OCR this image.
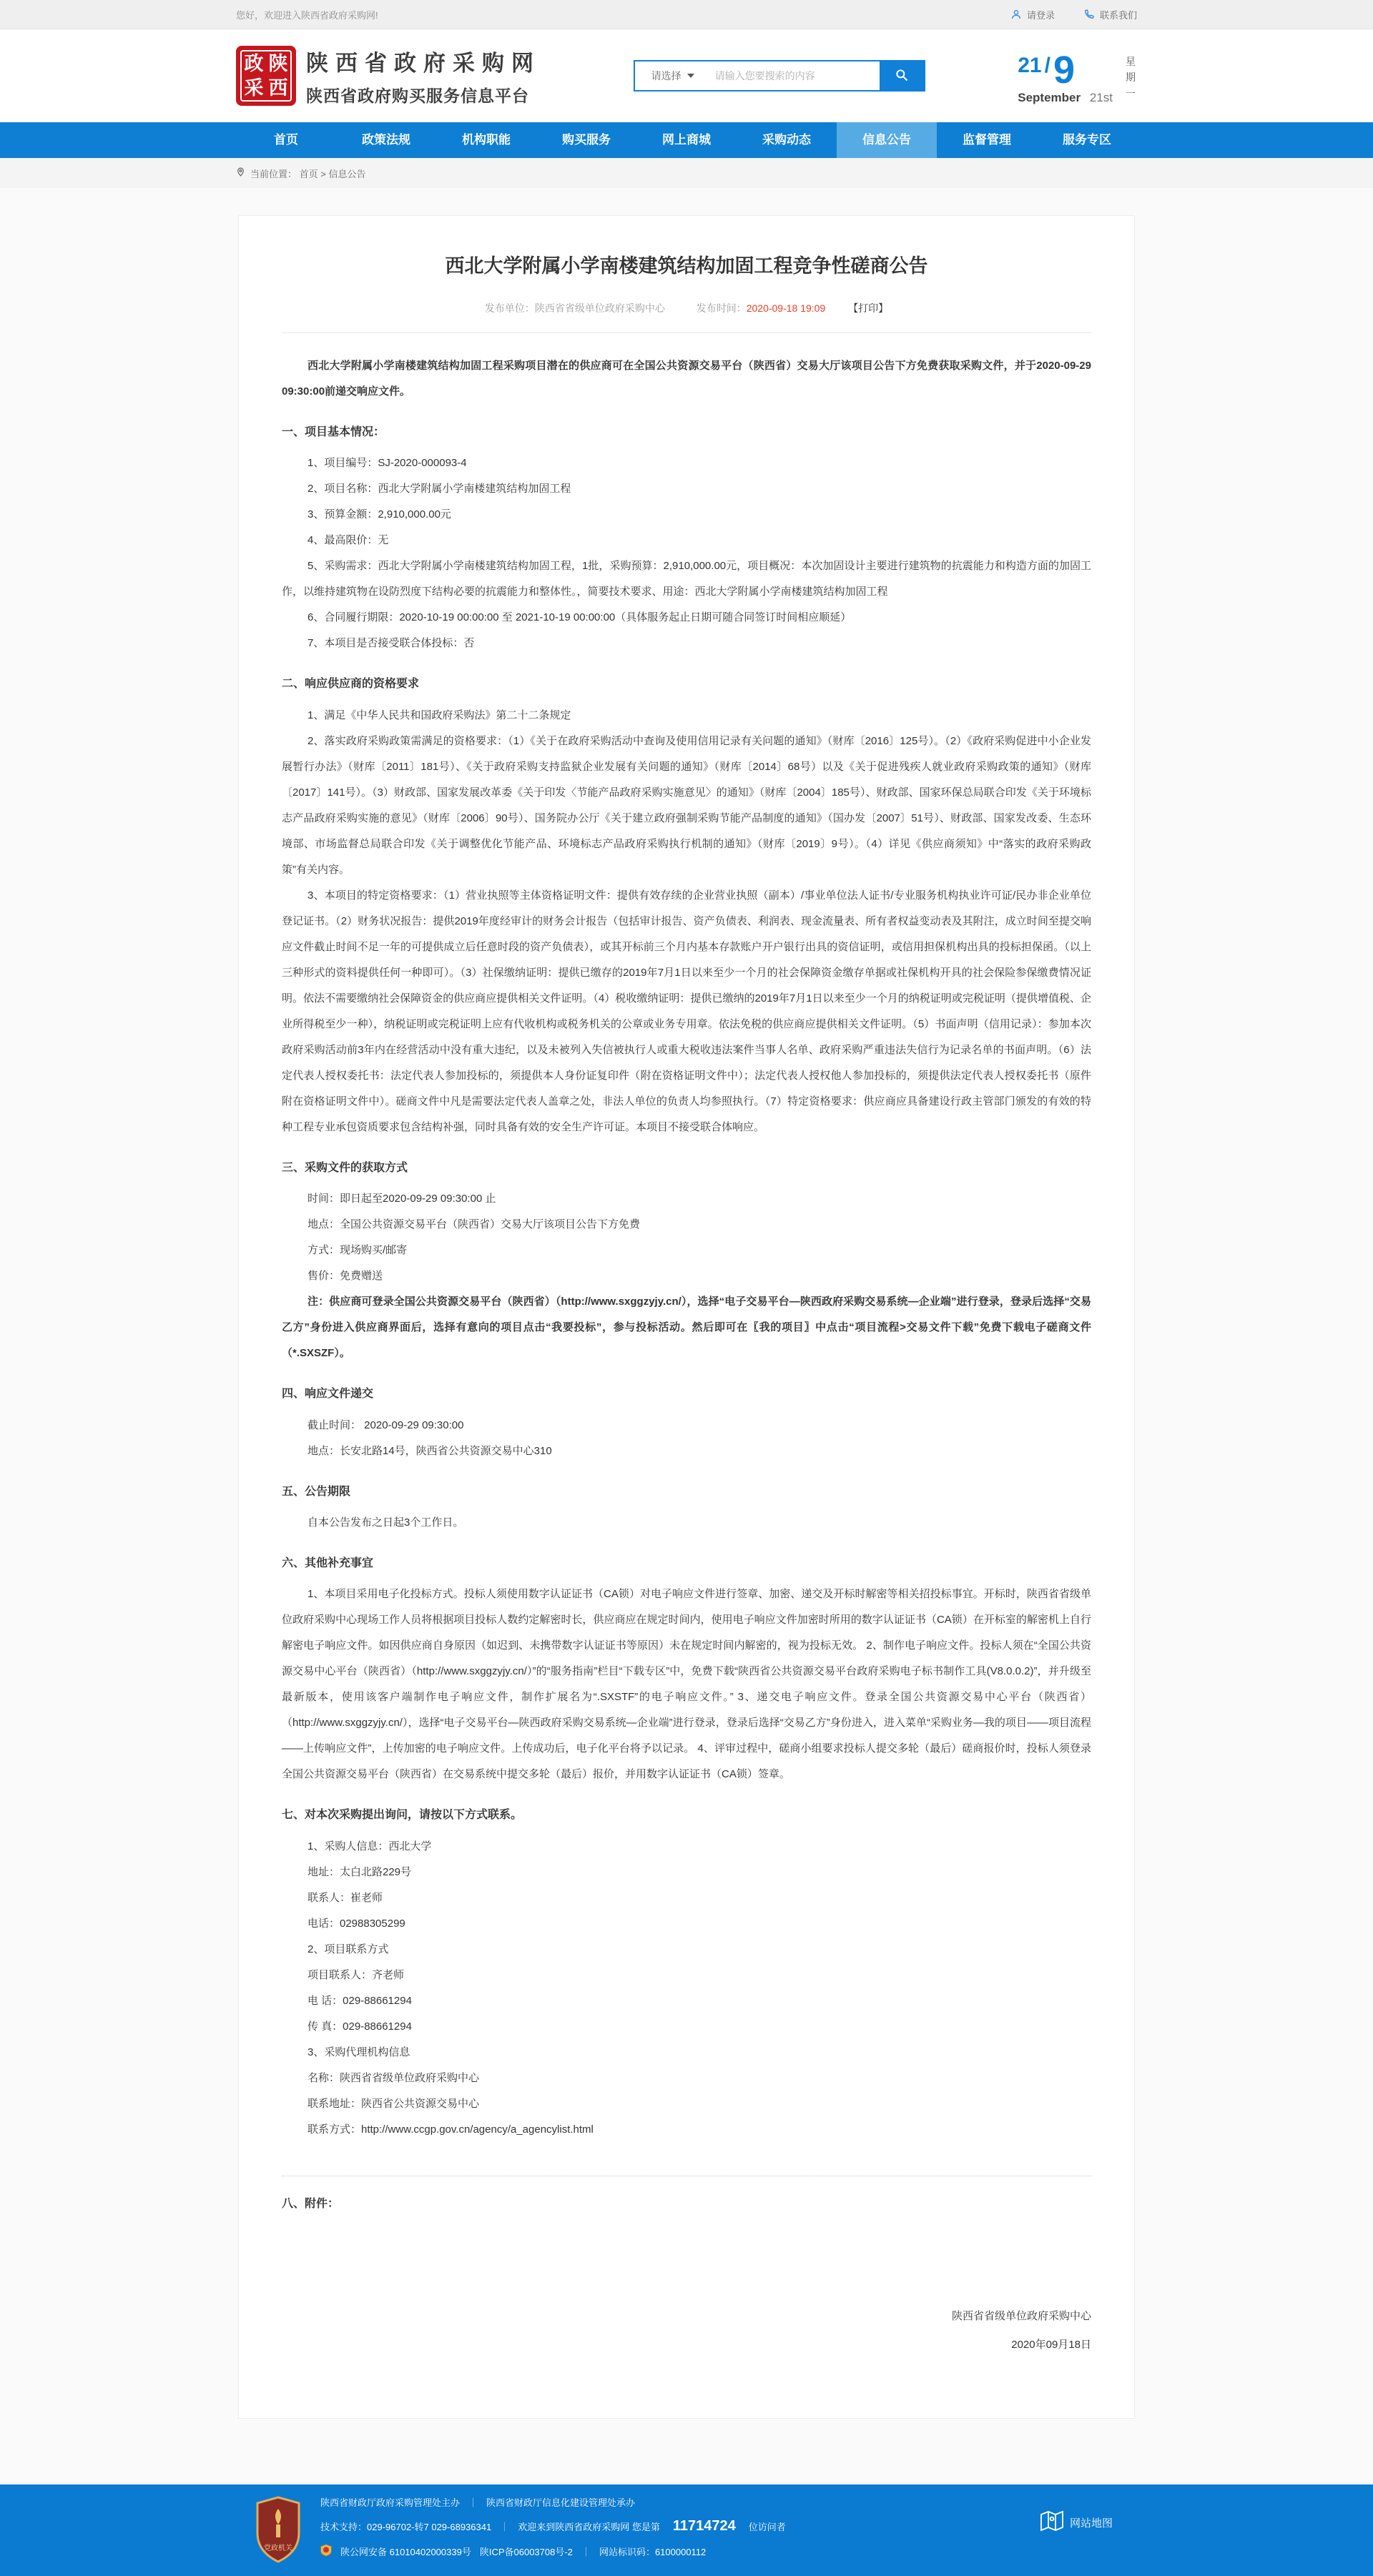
您好，欢迎进入陕西省政府采购网!	请登录	联系我们
政 陕
采 西
陕西省政府采购网
陕西省政府购买服务信息平台
请选择
请输入您要搜索的内容	21 / 9
September 21st
星期一
首页	政策法规	机构职能	购买服务	网上商城	采购动态	信息公告	监督管理	服务专区
当前位置： 首页 > 信息公告
西北大学附属小学南楼建筑结构加固工程竞争性磋商公告
发布单位：陕西省省级单位政府采购中心	发布时间：2020-09-18 19:09 【打印】

西北大学附属小学南楼建筑结构加固工程采购项目潜在的供应商可在全国公共资源交易平台（陕西省）交易大厅该项目公告下方免费获取采购文件，并于2020-09-29 09:30:00前递交响应文件。

一、项目基本情况：

1、项目编号：SJ-2020-000093-4

2、项目名称：西北大学附属小学南楼建筑结构加固工程

3、预算金额：2,910,000.00元

4、最高限价：无

5、采购需求：西北大学附属小学南楼建筑结构加固工程，1批，采购预算：2,910,000.00元，项目概况：本次加固设计主要进行建筑物的抗震能力和构造方面的加固工作，以维持建筑物在设防烈度下结构必要的抗震能力和整体性。，简要技术要求、用途：西北大学附属小学南楼建筑结构加固工程

6、合同履行期限：2020-10-19 00:00:00 至 2021-10-19 00:00:00（具体服务起止日期可随合同签订时间相应顺延）

7、本项目是否接受联合体投标：否

二、响应供应商的资格要求

1、满足《中华人民共和国政府采购法》第二十二条规定

2、落实政府采购政策需满足的资格要求：（1）《关于在政府采购活动中查询及使用信用记录有关问题的通知》（财库〔2016〕125号）。（2）《政府采购促进中小企业发展暂行办法》（财库〔2011〕181号）、《关于政府采购支持监狱企业发展有关问题的通知》（财库〔2014〕68号）以及《关于促进残疾人就业政府采购政策的通知》（财库〔2017〕141号）。（3）财政部、国家发展改革委《关于印发〈节能产品政府采购实施意见〉的通知》（财库〔2004〕185号）、财政部、国家环保总局联合印发《关于环境标志产品政府采购实施的意见》（财库〔2006〕90号）、国务院办公厅《关于建立政府强制采购节能产品制度的通知》（国办发〔2007〕51号）、财政部、国家发改委、生态环境部、市场监督总局联合印发《关于调整优化节能产品、环境标志产品政府采购执行机制的通知》（财库〔2019〕9号）。（4）详见《供应商须知》中“落实的政府采购政策”有关内容。

3、本项目的特定资格要求：（1）营业执照等主体资格证明文件：提供有效存续的企业营业执照（副本）/事业单位法人证书/专业服务机构执业许可证/民办非企业单位登记证书。（2）财务状况报告：提供2019年度经审计的财务会计报告（包括审计报告、资产负债表、利润表、现金流量表、所有者权益变动表及其附注，成立时间至提交响应文件截止时间不足一年的可提供成立后任意时段的资产负债表），或其开标前三个月内基本存款账户开户银行出具的资信证明，或信用担保机构出具的投标担保函。（以上三种形式的资料提供任何一种即可）。（3）社保缴纳证明：提供已缴存的2019年7月1日以来至少一个月的社会保障资金缴存单据或社保机构开具的社会保险参保缴费情况证明。依法不需要缴纳社会保障资金的供应商应提供相关文件证明。（4）税收缴纳证明：提供已缴纳的2019年7月1日以来至少一个月的纳税证明或完税证明（提供增值税、企业所得税至少一种），纳税证明或完税证明上应有代收机构或税务机关的公章或业务专用章。依法免税的供应商应提供相关文件证明。（5）书面声明（信用记录）：参加本次政府采购活动前3年内在经营活动中没有重大违纪，以及未被列入失信被执行人或重大税收违法案件当事人名单、政府采购严重违法失信行为记录名单的书面声明。（6）法定代表人授权委托书：法定代表人参加投标的，须提供本人身份证复印件（附在资格证明文件中）；法定代表人授权他人参加投标的，须提供法定代表人授权委托书（原件附在资格证明文件中）。磋商文件中凡是需要法定代表人盖章之处，非法人单位的负责人均参照执行。（7）特定资格要求：供应商应具备建设行政主管部门颁发的有效的特种工程专业承包资质要求包含结构补强，同时具备有效的安全生产许可证。本项目不接受联合体响应。

三、采购文件的获取方式

时间：即日起至2020-09-29 09:30:00 止

地点：全国公共资源交易平台（陕西省）交易大厅该项目公告下方免费

方式：现场购买/邮寄

售价：免费赠送

注：供应商可登录全国公共资源交易平台（陕西省）（http://www.sxggzyjy.cn/），选择“电子交易平台—陕西政府采购交易系统—企业端”进行登录，登录后选择“交易乙方”身份进入供应商界面后，选择有意向的项目点击“我要投标”，参与投标活动。然后即可在〖我的项目〗中点击“项目流程>交易文件下载”免费下载电子磋商文件（*.SXSZF）。

四、响应文件递交

截止时间： 2020-09-29 09:30:00

地点：长安北路14号，陕西省公共资源交易中心310

五、公告期限

自本公告发布之日起3个工作日。

六、其他补充事宜

1、本项目采用电子化投标方式。投标人须使用数字认证证书（CA锁）对电子响应文件进行签章、加密、递交及开标时解密等相关招投标事宜。开标时，陕西省省级单位政府采购中心现场工作人员将根据项目投标人数约定解密时长，供应商应在规定时间内，使用电子响应文件加密时所用的数字认证证书（CA锁）在开标室的解密机上自行解密电子响应文件。如因供应商自身原因（如迟到、未携带数字认证证书等原因）未在规定时间内解密的，视为投标无效。 2、制作电子响应文件。投标人须在“全国公共资源交易中心平台（陕西省）（http://www.sxggzyjy.cn/）”的“服务指南”栏目“下载专区”中，免费下载“陕西省公共资源交易平台政府采购电子标书制作工具(V8.0.0.2)”，并升级至最新版本，使用该客户端制作电子响应文件，制作扩展名为“.SXSTF”的电子响应文件。” 3、递交电子响应文件。登录全国公共资源交易中心平台（陕西省）（http://www.sxggzyjy.cn/），选择“电子交易平台—陕西政府采购交易系统—企业端”进行登录，登录后选择“交易乙方”身份进入，进入菜单“采购业务—我的项目——项目流程——上传响应文件”，上传加密的电子响应文件。上传成功后，电子化平台将予以记录。 4、评审过程中，磋商小组要求投标人提交多轮（最后）磋商报价时，投标人须登录全国公共资源交易平台（陕西省）在交易系统中提交多轮（最后）报价，并用数字认证证书（CA锁）签章。

七、对本次采购提出询问，请按以下方式联系。

1、采购人信息：西北大学

地址：太白北路229号

联系人：崔老师

电话：02988305299

2、项目联系方式

项目联系人：齐老师

电 话：029-88661294

传 真：029-88661294

3、采购代理机构信息

名称：陕西省省级单位政府采购中心

联系地址：陕西省公共资源交易中心

联系方式：http://www.ccgp.gov.cn/agency/a_agencylist.html

八、附件：

陕西省省级单位政府采购中心

2020年09月18日

党政机关
陕西省财政厅政府采购管理处主办 ｜ 陕西省财政厅信息化建设管理处承办
技术支持：029-96702-转7 029-68936341 ｜ 欢迎来到陕西省政府采购网 您是第 11714724 位访问者
陕公网安备 61010402000339号 陕ICP备06003708号-2 ｜ 网站标识码：6100000112
网站地图
